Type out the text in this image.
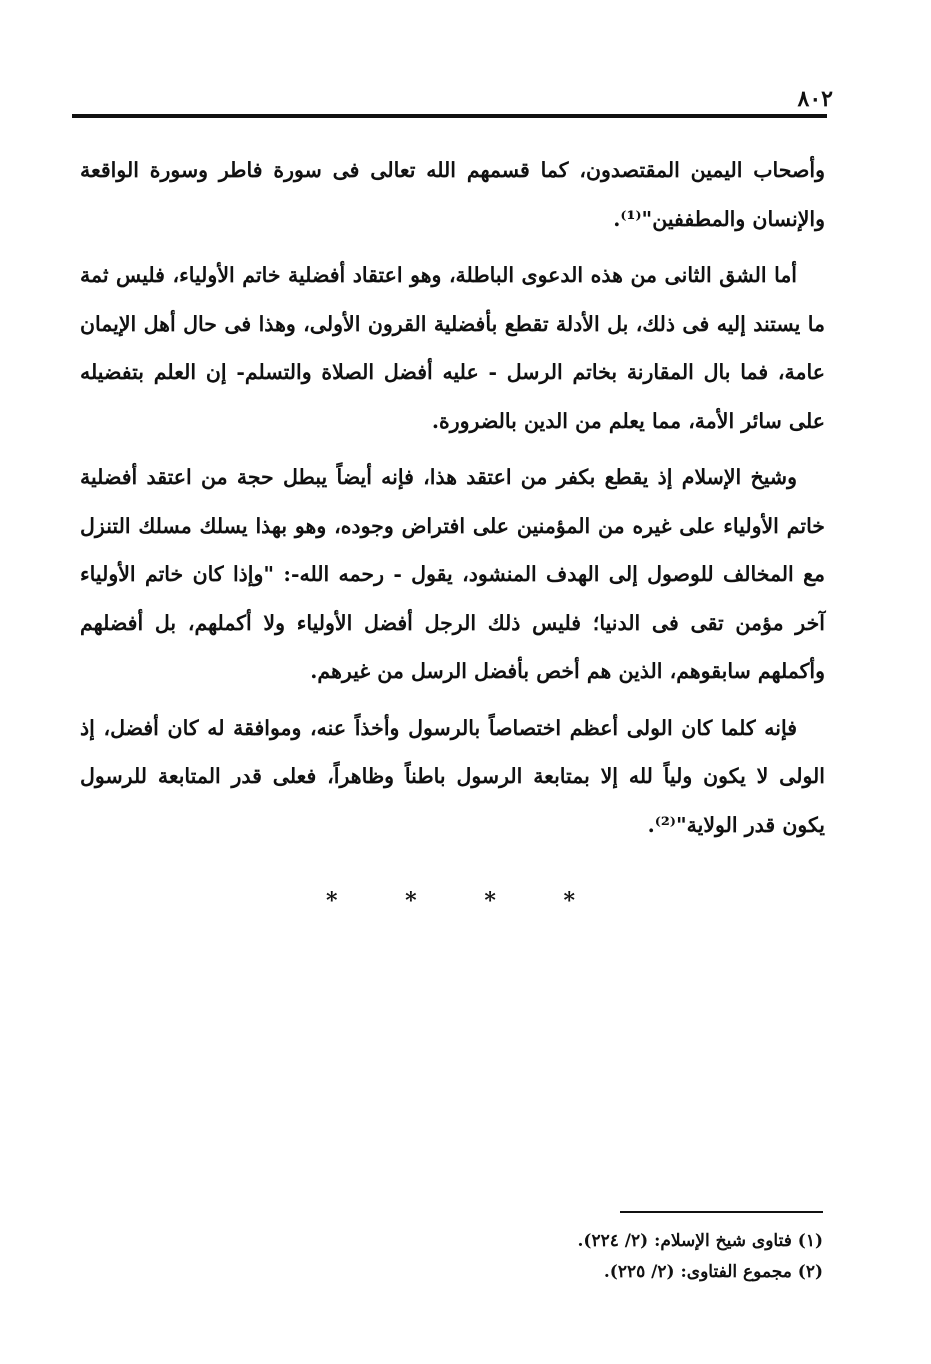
٨٠٢

وأصحاب اليمين المقتصدون، كما قسمهم الله تعالى فى سورة فاطر وسورة الواقعة والإنسان والمطففين"⁽¹⁾.

أما الشق الثانى من هذه الدعوى الباطلة، وهو اعتقاد أفضلية خاتم الأولياء، فليس ثمة ما يستند إليه فى ذلك، بل الأدلة تقطع بأفضلية القرون الأولى، وهذا فى حال أهل الإيمان عامة، فما بال المقارنة بخاتم الرسل - عليه أفضل الصلاة والتسلم- إن العلم بتفضيله على سائر الأمة، مما يعلم من الدين بالضرورة.

وشيخ الإسلام إذ يقطع بكفر من اعتقد هذا، فإنه أيضاً يبطل حجة من اعتقد أفضلية خاتم الأولياء على غيره من المؤمنين على افتراض وجوده، وهو بهذا يسلك مسلك التنزل مع المخالف للوصول إلى الهدف المنشود، يقول - رحمه الله-: "وإذا كان خاتم الأولياء آخر مؤمن تقى فى الدنيا؛ فليس ذلك الرجل أفضل الأولياء ولا أكملهم، بل أفضلهم وأكملهم سابقوهم، الذين هم أخص بأفضل الرسل من غيرهم.

فإنه كلما كان الولى أعظم اختصاصاً بالرسول وأخذاً عنه، وموافقة له كان أفضل، إذ الولى لا يكون ولياً لله إلا بمتابعة الرسول باطناً وظاهراً، فعلى قدر المتابعة للرسول يكون قدر الولاية"⁽²⁾.

* * * *
(١) فتاوى شيخ الإسلام: (٢/ ٢٢٤).
(٢) مجموع الفتاوى: (٢/ ٢٢٥).
